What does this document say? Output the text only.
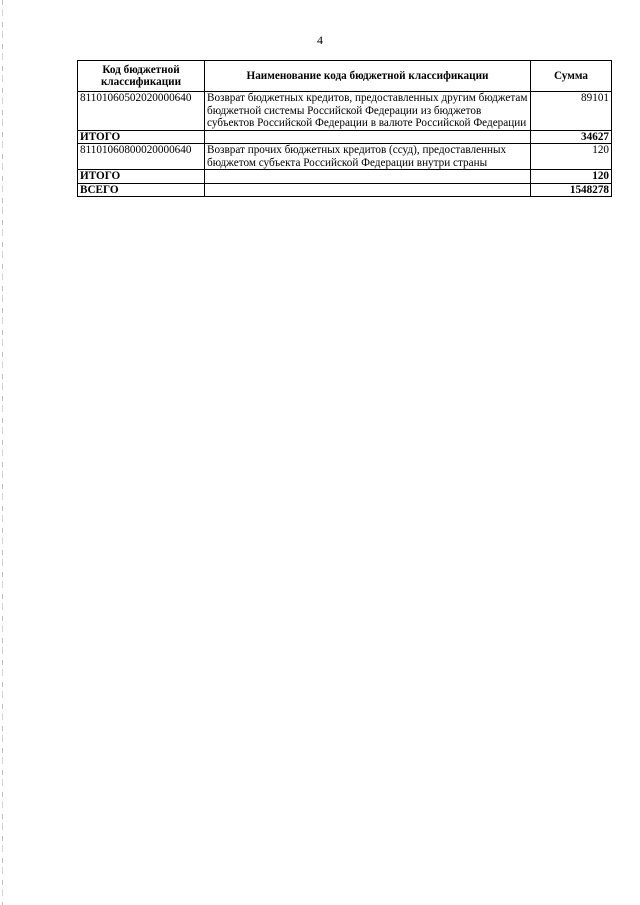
4
Код бюджетной классификации	Наименование кода бюджетной классификации	Сумма
81101060502020000640	Возврат бюджетных кредитов, предоставленных другим бюджетам бюджетной системы Российской Федерации из бюджетов субъектов Российской Федерации в валюте Российской Федерации	89101
ИТОГО		34627
81101060800020000640	Возврат прочих бюджетных кредитов (ссуд), предоставленных бюджетом субъекта Российской Федерации внутри страны	120
ИТОГО		120
ВСЕГО		1548278
